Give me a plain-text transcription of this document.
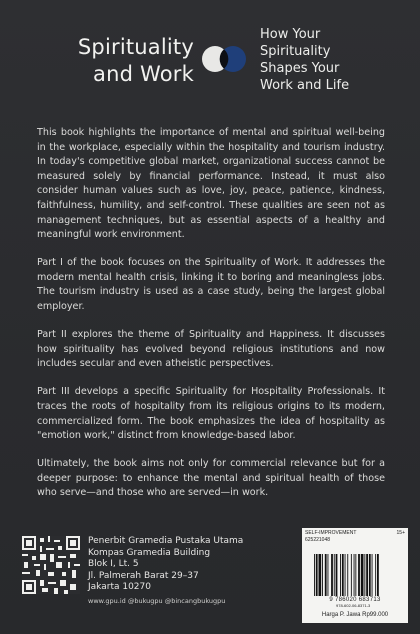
Spirituality
and Work
How Your
Spirituality
Shapes Your
Work and Life

This book highlights the importance of mental and spiritual well-being in the workplace, especially within the hospitality and tourism industry. In today's competitive global market, organizational success cannot be measured solely by financial performance. Instead, it must also consider human values such as love, joy, peace, patience, kindness, faithfulness, humility, and self-control. These qualities are seen not as management techniques, but as essential aspects of a healthy and meaningful work environment.

Part I of the book focuses on the Spirituality of Work. It addresses the modern mental health crisis, linking it to boring and meaningless jobs. The tourism industry is used as a case study, being the largest global employer.

Part II explores the theme of Spirituality and Happiness. It discusses how spirituality has evolved beyond religious institutions and now includes secular and even atheistic perspectives.

Part III develops a specific Spirituality for Hospitality Professionals. It traces the roots of hospitality from its religious origins to its modern, commercialized form. The book emphasizes the idea of hospitality as "emotion work," distinct from knowledge-based labor.

Ultimately, the book aims not only for commercial relevance but for a deeper purpose: to enhance the mental and spiritual health of those who serve—and those who are served—in work.

Penerbit Gramedia Pustaka Utama
Kompas Gramedia Building
Blok I, Lt. 5
Jl. Palmerah Barat 29–37
Jakarta 10270
www.gpu.id @bukugpu @bincangbukugpu
SELF-IMPROVEMENT	15+
625221048
9 786020 683713
978-602-06-8371-3
Harga P. Jawa Rp99.000
